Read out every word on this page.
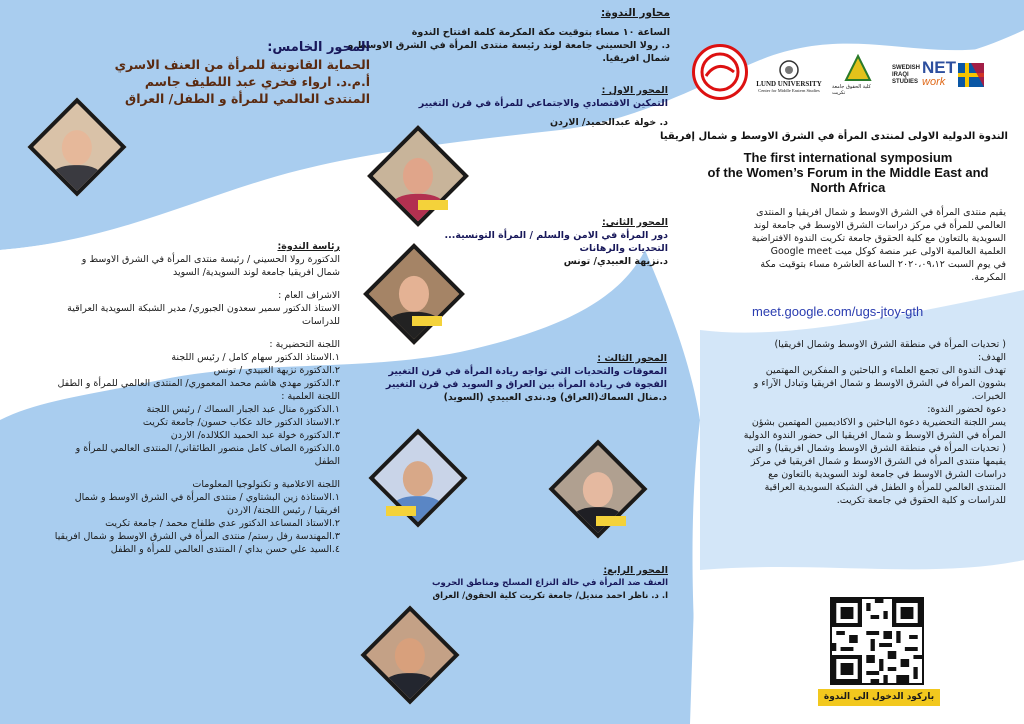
محاور الندوة:
الساعة ١٠ مساء بتوقيت مكة المكرمة كلمة افتتاح الندوة
د. رولا الحسيني جامعة لوند رئيسة منتدى المرأة في الشرق الاوسط و
شمال افريقيا.
المحور الخامس:
الحماية القانونية للمرأة من العنف الاسري
أ.م.د. ارواء فخري عبد اللطيف جاسم
المنتدى العالمي للمرأة و الطفل/ العراق
المحور الاول :
التمكين الاقتصادي والاجتماعي للمرأة في قرن التغيير
د. خولة عبدالحميد/ الاردن
المحور الثاني:
دور المرأة في الامن والسلم / المرأة التونسية...
التحديات والرهانات
د.نزيهة العبيدي/ تونس
المحور الثالث :
المعوقات والتحديات التي تواجه ريادة المرأة في قرن التغيير
الفجوة في ريادة المرأة بين العراق و السويد في قرن التغيير
د.منال السماك(العراق) ود.ندى العبيدي (السويد)
المحور الرابع:
العنف ضد المرأة في حالة النزاع المسلح ومناطق الحروب
ا. د. ناظر احمد منديل/ جامعة تكريت كلية الحقوق/ العراق
رئاسة الندوة:
الدكتورة رولا الحسيني / رئيسة منتدى المرأة في الشرق الاوسط و
شمال افريقيا جامعة لوند السويدية/ السويد
الاشراف العام :
الاستاذ الدكتور سمير سعدون الجبوري/ مدير الشبكة السويدية العراقية
للدراسات
اللجنة التحضيرية :
١.الاستاذ الدكتور سهام كامل / رئيس اللجنة
٢.الدكتورة نزيهة العبيدي / تونس
٣.الدكتور مهدي هاشم محمد المعموري/ المنتدى العالمي للمرأة و الطفل
اللجنة العلمية :
١.الدكتورة منال عبد الجبار السماك / رئيس اللجنة
٢.الاستاذ الدكتور خالد عكاب حسون/ جامعة تكريت
٣.الدكتورة خولة عبد الحميد الكلالده/ الاردن
٥.الدكتورة الصاف كامل منصور الطائقاني/ المنتدى العالمي للمرأة و
الطفل
اللجنة الاعلامية و تكنولوجيا المعلومات
١.الاستاذة زين البشتاوي / منتدى المرأة في الشرق الاوسط و شمال
افريقيا / رئيس اللجنة/ الاردن
٢.الاستاذ المساعد الدكتور عدي طلفاح محمد / جامعة تكريت
٣.المهندسة رفل رستم/ منتدى المرأة في الشرق الاوسط و شمال افريقيا
٤.السيد علي حسن بداي / المنتدى العالمي للمرأة و الطفل
LUND UNIVERSITY
Center for Middle Eastern Studies كلية الحقوق جامعة تكريت
SWEDISH
IRAQI
STUDIES
NET
work
الندوة الدولية الاولى لمنتدى المرأة في الشرق الاوسط و شمال إفريقيا
The first international symposium
of the Women’s Forum in the Middle East and
North Africa
يقيم منتدى المرأة في الشرق الاوسط و شمال افريقيا و المنتدى
العالمي للمرأة في مركز دراسات الشرق الاوسط في جامعة لوند
السويدية بالتعاون مع كلية الحقوق جامعة تكريت الندوة الافتراضية
العلمية العالمية الاولى عبر منصة كوكل ميت Google meet
في يوم السبت ٢٠٢٠،٠٩،١٢ الساعة العاشرة مساء بتوقيت مكة
المكرمة.
meet.google.com/ugs-jtoy-gth
( تحديات المرأة في منطقة الشرق الاوسط وشمال افريقيا)
الهدف:
تهدف الندوة الى تجمع العلماء و الباحثين و المفكرين المهتمين
بشوون المرأة في الشرق الاوسط و شمال افريقيا وتبادل الآراء و
الخبرات.
دعوة لحضور الندوة:
يسر اللجنة التحضيرية دعوة الباحثين و الاكاديميين المهتمين بشؤن
المرأة في الشرق الاوسط و شمال افريقيا الى حضور الندوة الدولية
( تحديات المرأة في منطقة الشرق الاوسط وشمال افريقيا) و التي
يقيمها منتدى المرأة في الشرق الاوسط و شمال افريقيا في مركز
دراسات الشرق الاوسط في جامعة لوند السويدية بالتعاون مع
المنتدى العالمي للمرأة و الطفل في الشبكة السويدية العراقية
للدراسات و كلية الحقوق في جامعة تكريت.
باركود الدخول الى الندوة
